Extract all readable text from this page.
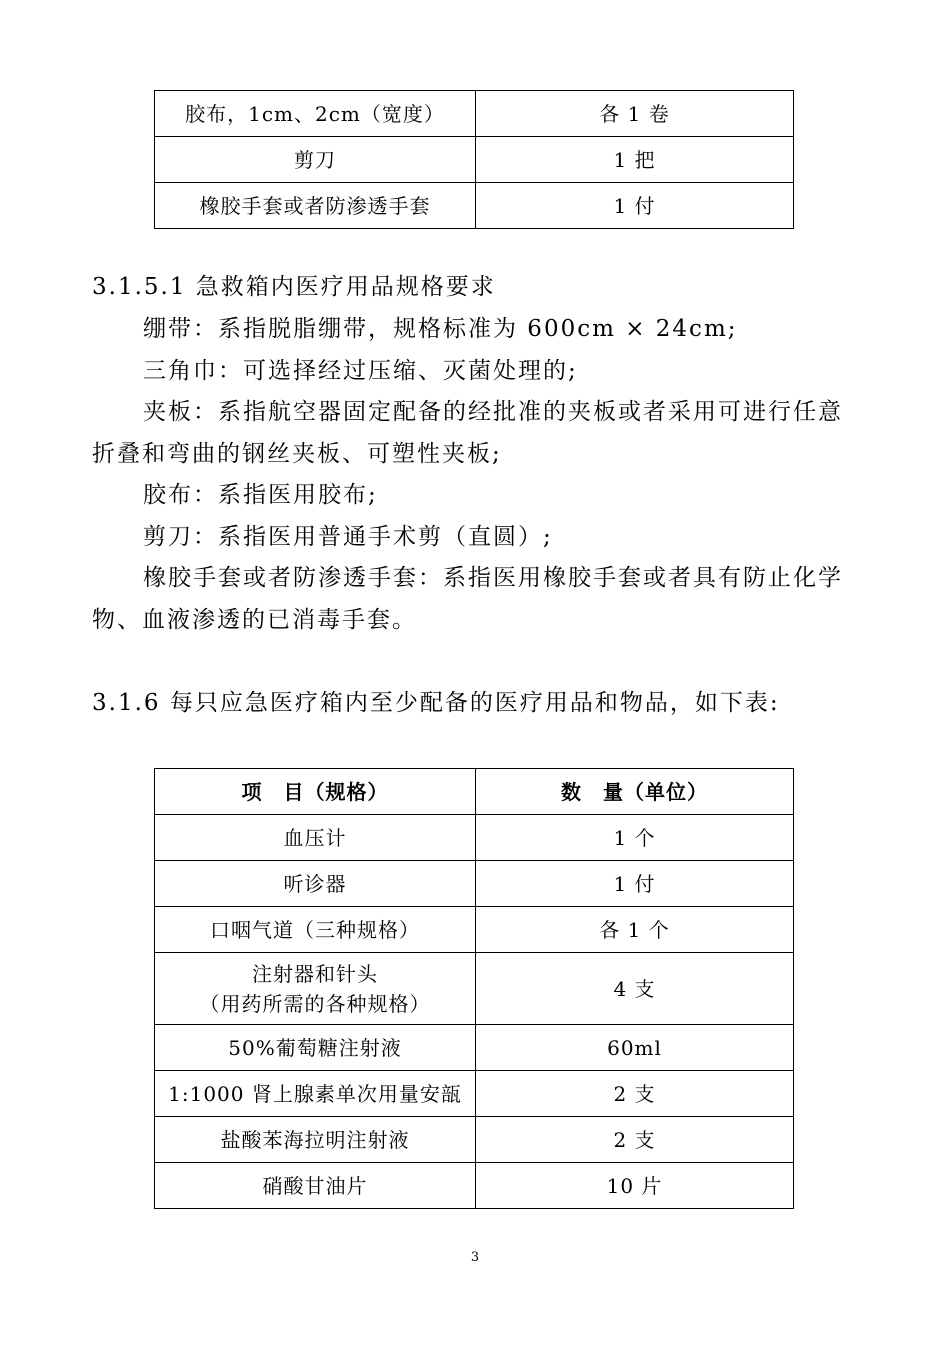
胶布，1cm、2cm（宽度）	各 1 卷
剪刀	1 把
橡胶手套或者防渗透手套	1 付
3.1.5.1 急救箱内医疗用品规格要求
绷带：系指脱脂绷带，规格标准为 600cm × 24cm;
三角巾：可选择经过压缩、灭菌处理的;
夹板：系指航空器固定配备的经批准的夹板或者采用可进行任意
折叠和弯曲的钢丝夹板、可塑性夹板;
胶布：系指医用胶布;
剪刀：系指医用普通手术剪（直圆）;
橡胶手套或者防渗透手套：系指医用橡胶手套或者具有防止化学
物、血液渗透的已消毒手套。
3.1.6 每只应急医疗箱内至少配备的医疗用品和物品，如下表:
项　目（规格）	数　量（单位）
血压计	1 个
听诊器	1 付
口咽气道（三种规格）	各 1 个

注射器和针头
（用药所需的各种规格）	4 支
50%葡萄糖注射液	60ml
1:1000 肾上腺素单次用量安瓿	2 支
盐酸苯海拉明注射液	2 支
硝酸甘油片	10 片
3
